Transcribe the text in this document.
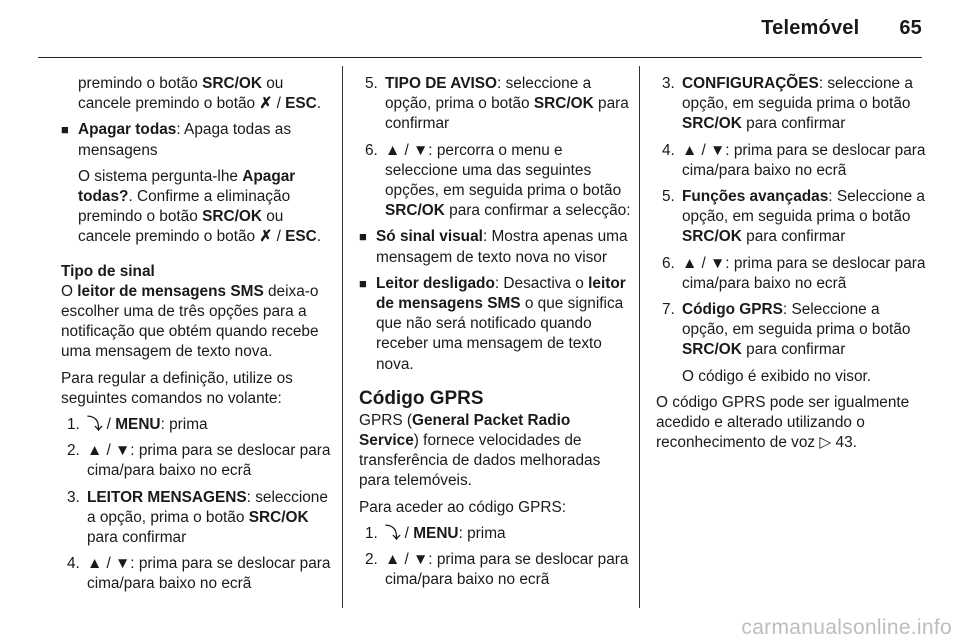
Telemóvel 65

premindo o botão SRC/OK ou cancele premindo o botão ✗ / ESC.

■ Apagar todas: Apaga todas as mensagens

O sistema pergunta-lhe Apagar todas?. Confirme a eliminação premindo o botão SRC/OK ou cancele premindo o botão ✗ / ESC.

Tipo de sinal

O leitor de mensagens SMS deixa-o escolher uma de três opções para a notificação que obtém quando recebe uma mensagem de texto nova.

Para regular a definição, utilize os seguintes comandos no volante:

1. ⤵ / MENU: prima
2. ▲ / ▼: prima para se deslocar para cima/para baixo no ecrã
3. LEITOR MENSAGENS: seleccione a opção, prima o botão SRC/OK para confirmar
4. ▲ / ▼: prima para se deslocar para cima/para baixo no ecrã
5. TIPO DE AVISO: seleccione a opção, prima o botão SRC/OK para confirmar
6. ▲ / ▼: percorra o menu e seleccione uma das seguintes opções, em seguida prima o botão SRC/OK para confirmar a selecção:
■ Só sinal visual: Mostra apenas uma mensagem de texto nova no visor
■ Leitor desligado: Desactiva o leitor de mensagens SMS o que significa que não será notificado quando receber uma mensagem de texto nova.

Código GPRS

GPRS (General Packet Radio Service) fornece velocidades de transferência de dados melhoradas para telemóveis.

Para aceder ao código GPRS:

1. ⤵ / MENU: prima
2. ▲ / ▼: prima para se deslocar para cima/para baixo no ecrã
3. CONFIGURAÇÕES: seleccione a opção, em seguida prima o botão SRC/OK para confirmar
4. ▲ / ▼: prima para se deslocar para cima/para baixo no ecrã
5. Funções avançadas: Seleccione a opção, em seguida prima o botão SRC/OK para confirmar
6. ▲ / ▼: prima para se deslocar para cima/para baixo no ecrã
7. Código GPRS: Seleccione a opção, em seguida prima o botão SRC/OK para confirmar

O código é exibido no visor.

O código GPRS pode ser igualmente acedido e alterado utilizando o reconhecimento de voz ▷ 43.

carmanualsonline.info
